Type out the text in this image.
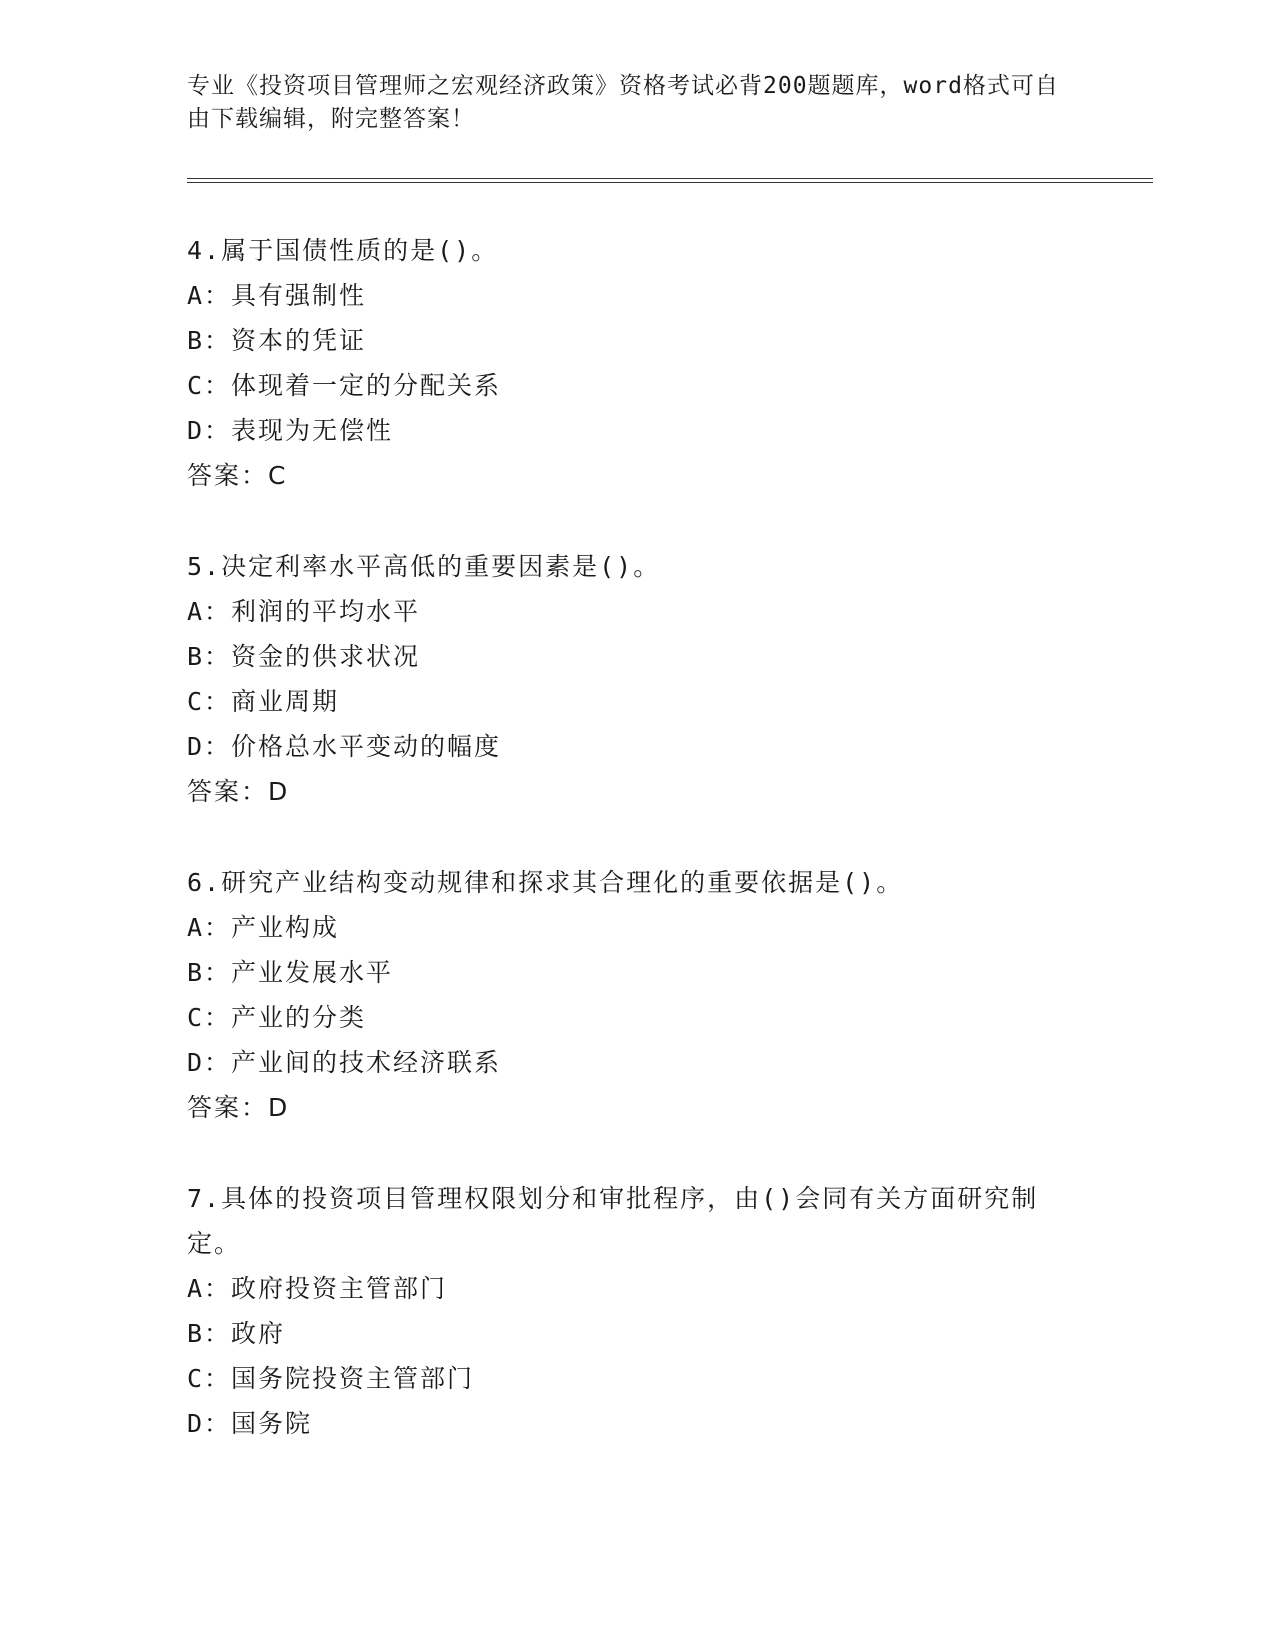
专业《投资项目管理师之宏观经济政策》资格考试必背200题题库，word格式可自由下载编辑，附完整答案！

4.属于国债性质的是()。

A：具有强制性

B：资本的凭证

C：体现着一定的分配关系

D：表现为无偿性

答案：C

5.决定利率水平高低的重要因素是()。

A：利润的平均水平

B：资金的供求状况

C：商业周期

D：价格总水平变动的幅度

答案：D

6.研究产业结构变动规律和探求其合理化的重要依据是()。

A：产业构成

B：产业发展水平

C：产业的分类

D：产业间的技术经济联系

答案：D

7.具体的投资项目管理权限划分和审批程序，由()会同有关方面研究制定。

A：政府投资主管部门

B：政府

C：国务院投资主管部门

D：国务院
